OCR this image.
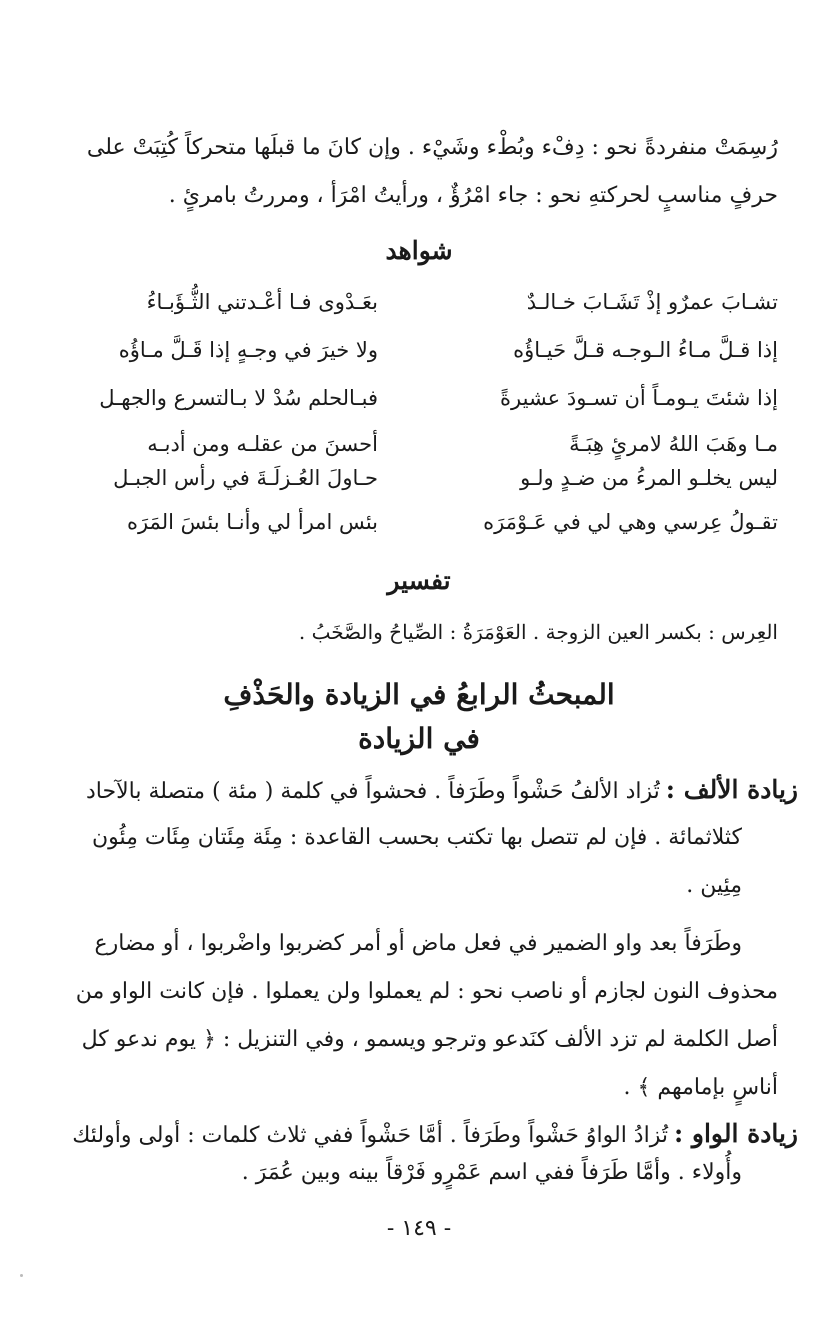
رُسِمَتْ منفردةً نحو : دِفْء وبُطْء وشَيْء . وإن كانَ ما قبلَها متحركاً كُتِبَتْ على
حرفٍ مناسبٍ لحركتهِ نحو : جاء امْرُؤٌ ، ورأيتُ امْرَأ ، ومررتُ بامرئٍ .
شواهد
تشـابَ عمرٌو إذْ تَشَـابَ خـالـدٌ
بعَـدْوى فـا أعْـدتني الثُّـؤَبـاءُ
إذا قـلَّ مـاءُ الـوجـه قـلَّ حَيـاؤُه
ولا خيرَ في وجـهٍ إذا قَـلَّ مـاؤُه
إذا شئتَ يـومـاً أن تسـودَ عشيرةً
فبـالحلم سُدْ لا بـالتسرع والجهـل
مـا وهَبَ اللهُ لامرئٍ هِبَـةً
أحسنَ من عقلـه ومن أدبـه
ليس يخلـو المرءُ من ضـدٍ ولـو
حـاولَ العُـزلَـةَ في رأس الجبـل
تقـولُ عِرسي وهي لي في عَـوْمَرَه
بئس امرأ لي وأنـا بئسَ المَرَه
تفسير
العِرس : بكسر العين الزوجة . العَوْمَرَةُ : الصِّياحُ والصَّخَبُ .
المبحثُ الرابعُ في الزيادة والحَذْفِ
في الزيادة
زيادة الألف :تُزاد الألفُ حَشْواً وطَرَفاً . فحشواً في كلمة ( مئة ) متصلة بالآحاد
كثلاثمائة . فإن لم تتصل بها تكتب بحسب القاعدة : مِئَة مِئَتان مِئَات مِئُون
مِئِين .
وطَرَفاً بعد واو الضمير في فعل ماض أو أمر كضربوا واضْربوا ، أو مضارع
محذوف النون لجازم أو ناصب نحو : لم يعملوا ولن يعملوا . فإن كانت الواو من
أصل الكلمة لم تزد الألف كنَدعو وترجو ويسمو ، وفي التنزيل : ﴿ يوم ندعو كل
أناسٍ بإمامهم ﴾ .
زيادة الواو :تُزادُ الواوُ حَشْواً وطَرَفاً . أمَّا حَشْواً ففي ثلاث كلمات : أولى وأولئك
وأُولاء . وأمَّا طَرَفاً ففي اسم عَمْرٍو فَرْقاً بينه وبين عُمَرَ .
- ١٤٩ -
